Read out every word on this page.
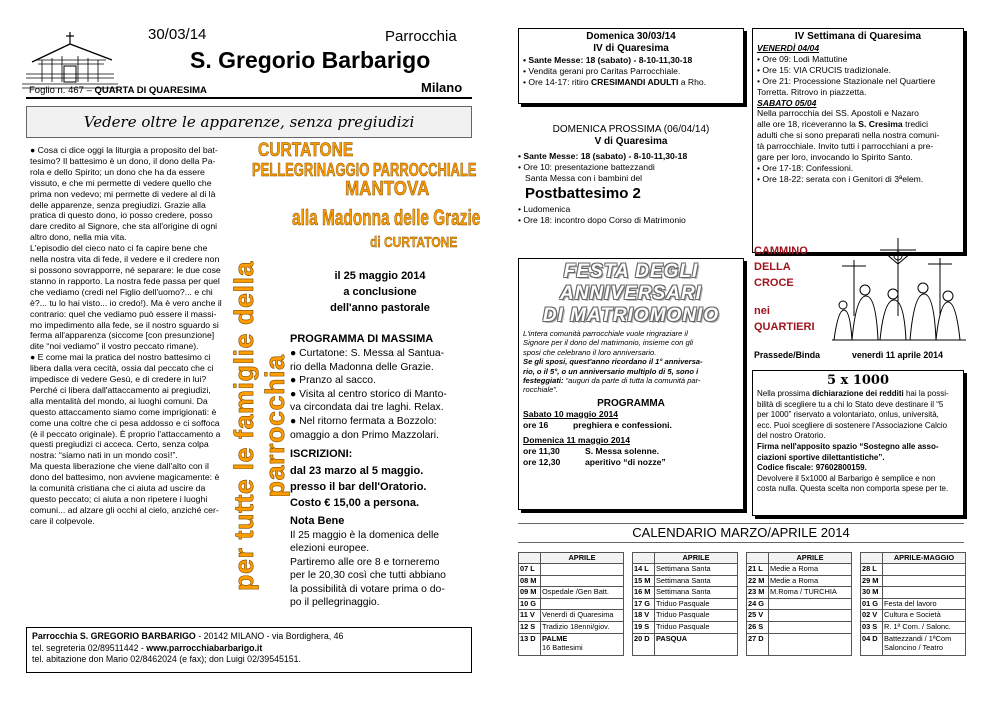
30/03/14	Parrocchia
S. Gregorio Barbarigo
Milano
Foglio n. 467 – QUARTA DI QUARESIMA
Vedere oltre le apparenze, senza pregiudizi
● Cosa ci dice oggi la liturgia a proposito del bat-
tesimo? Il battesimo è un dono, il dono della Pa-
rola e dello Spirito; un dono che ha da essere
vissuto, e che mi permette di vedere quello che
prima non vedevo; mi permette di vedere al di là
delle apparenze, senza pregiudizi. Grazie alla
pratica di questo dono, io posso credere, posso
dare credito al Signore, che sta all'origine di ogni
altro dono, nella mia vita.
L'episodio del cieco nato ci fa capire bene che
nella nostra vita di fede, il vedere e il credere non
si possono sovrapporre, né separare: le due cose
stanno in rapporto. La nostra fede passa per quel
che vediamo (credi nel Figlio dell'uomo?... e chi
è?... tu lo hai visto... io credo!). Ma è vero anche il
contrario: quel che vediamo può essere il massi-
mo impedimento alla fede, se il nostro sguardo si
ferma all'apparenza (siccome [con presunzione]
dite “noi vediamo” il vostro peccato rimane).
● E come mai la pratica del nostro battesimo ci
libera dalla vera cecità, ossia dal peccato che ci
impedisce di vedere Gesù, e di credere in lui?
Perché ci libera dall'attaccamento ai pregiudizi,
alla mentalità del mondo, ai luoghi comuni. Da
questo attaccamento siamo come imprigionati: è
come una coltre che ci pesa addosso e ci soffoca
(è il peccato originale). È proprio l'attaccamento a
questi pregiudizi ci acceca. Certo, senza colpa
nostra: “siamo nati in un mondo così!”.
Ma questa liberazione che viene dall'alto con il
dono del battesimo, non avviene magicamente: è
la comunità cristiana che ci aiuta ad uscire da
questo peccato; ci aiuta a non ripetere i luoghi
comuni... ad alzare gli occhi al cielo, anziché cer-
care il colpevole.	per tutte le famiglie della parrocchia
CURTATONE
PELLEGRINAGGIO PARROCCHIALE
MANTOVA
alla Madonna delle Grazie
di CURTATONE
il 25 maggio 2014
a conclusione
dell'anno pastorale
PROGRAMMA DI MASSIMA
● Curtatone: S. Messa al Santua-
rio della Madonna delle Grazie.
● Pranzo al sacco.
● Visita al centro storico di Manto-
va circondata dai tre laghi. Relax.
● Nel ritorno fermata a Bozzolo:
omaggio a don Primo Mazzolari.
ISCRIZIONI:
dal 23 marzo al 5 maggio.
presso il bar dell'Oratorio.
Costo € 15,00 a persona.
Nota Bene
Il 25 maggio è la domenica delle
elezioni europee.
Partiremo alle ore 8 e torneremo
per le 20,30 così che tutti abbiano
la possibilità di votare prima o do-
po il pellegrinaggio.
Parrocchia S. GREGORIO BARBARIGO - 20142 MILANO - via Bordighera, 46
tel. segreteria 02/89511442 - www.parrocchiabarbarigo.it
tel. abitazione don Mario 02/8462024 (e fax); don Luigi 02/39545151.
Domenica 30/03/14
IV di Quaresima
• Sante Messe: 18 (sabato) - 8-10-11,30-18
• Vendita gerani pro Caritas Parrocchiale.
• Ore 14-17: ritiro CRESIMANDI ADULTI a Rho.
DOMENICA PROSSIMA (06/04/14)
V di Quaresima
• Sante Messe: 18 (sabato) - 8-10-11,30-18
• Ore 10: presentazione battezzandi
Santa Messa con i bambini del
Postbattesimo 2
• Ludomenica
• Ore 18: incontro dopo Corso di Matrimonio
IV Settimana di Quaresima
VENERDÌ 04/04
• Ore 09: Lodi Mattutine
• Ore 15: VIA CRUCIS tradizionale.
• Ore 21: Processione Stazionale nel Quartiere
Torretta. Ritrovo in piazzetta.
SABATO 05/04
Nella parrocchia dei SS. Apostoli e Nazaro
alle ore 18, riceveranno la S. Cresima tredici
adulti che si sono preparati nella nostra comuni-
tà parrocchiale. Invito tutti i parrocchiani a pre-
gare per loro, invocando lo Spirito Santo.
• Ore 17-18: Confessioni.
• Ore 18-22: serata con i Genitori di 3ªelem.
FESTA DEGLI
ANNIVERSARI
DI MATRIOMONIO
L'intera comunità parrocchiale vuole ringraziare il
Signore per il dono del matrimonio, insieme con gli
sposi che celebrano il loro anniversario.
Se gli sposi, quest'anno ricordano il 1° anniversa-
rio, o il 5°, o un anniversario multiplo di 5, sono i
festeggiati: “auguri da parte di tutta la comunità par-
rocchiale”.
PROGRAMMA
Sabato 10 maggio 2014
ore 16	preghiera e confessioni.
Domenica 11 maggio 2014
ore 11,30	S. Messa solenne.
ore 12,30	aperitivo “di nozze”
CAMMINO
DELLA
CROCE
nei
QUARTIERI
Prassede/Binda	venerdì 11 aprile 2014
5 x 1000
Nella prossima dichiarazione dei redditi hai la possi-
bilità di scegliere tu a chi lo Stato deve destinare il “5
per 1000” riservato a volontariato, onlus, università,
ecc. Puoi scegliere di sostenere l'Associazione Calcio
del nostro Oratorio.
Firma nell'apposito spazio “Sostegno alle asso-
ciazioni sportive dilettantistiche”.
Codice fiscale: 97602800159.
Devolvere il 5x1000 al Barbarigo è semplice e non
costa nulla. Questa scelta non comporta spese per te.
CALENDARIO MARZO/APRILE 2014
	APRILE
07 L	
08 M	
09 M	Ospedale /Gen Batt.
10 G	
11 V	Venerdì di Quaresima
12 S	Tradizio 18enni/giov.
13 D	PALME
16 Battesimi
	APRILE
14 L	Settimana Santa
15 M	Settimana Santa
16 M	Settimana Santa
17 G	Triduo Pasquale
18 V	Triduo Pasquale
19 S	Triduo Pasquale
20 D	PASQUA
	APRILE
21 L	Medie a Roma
22 M	Medie a Roma
23 M	M.Roma / TURCHIA
24 G	
25 V	
26 S	
27 D	
	APRILE-MAGGIO
28 L	
29 M	
30 M	
01 G	Festa del lavoro
02 V	Cultura e Società
03 S	R. 1ª Com. / Salonc.
04 D	Battezzandi / 1ªCom
Saloncino / Teatro
